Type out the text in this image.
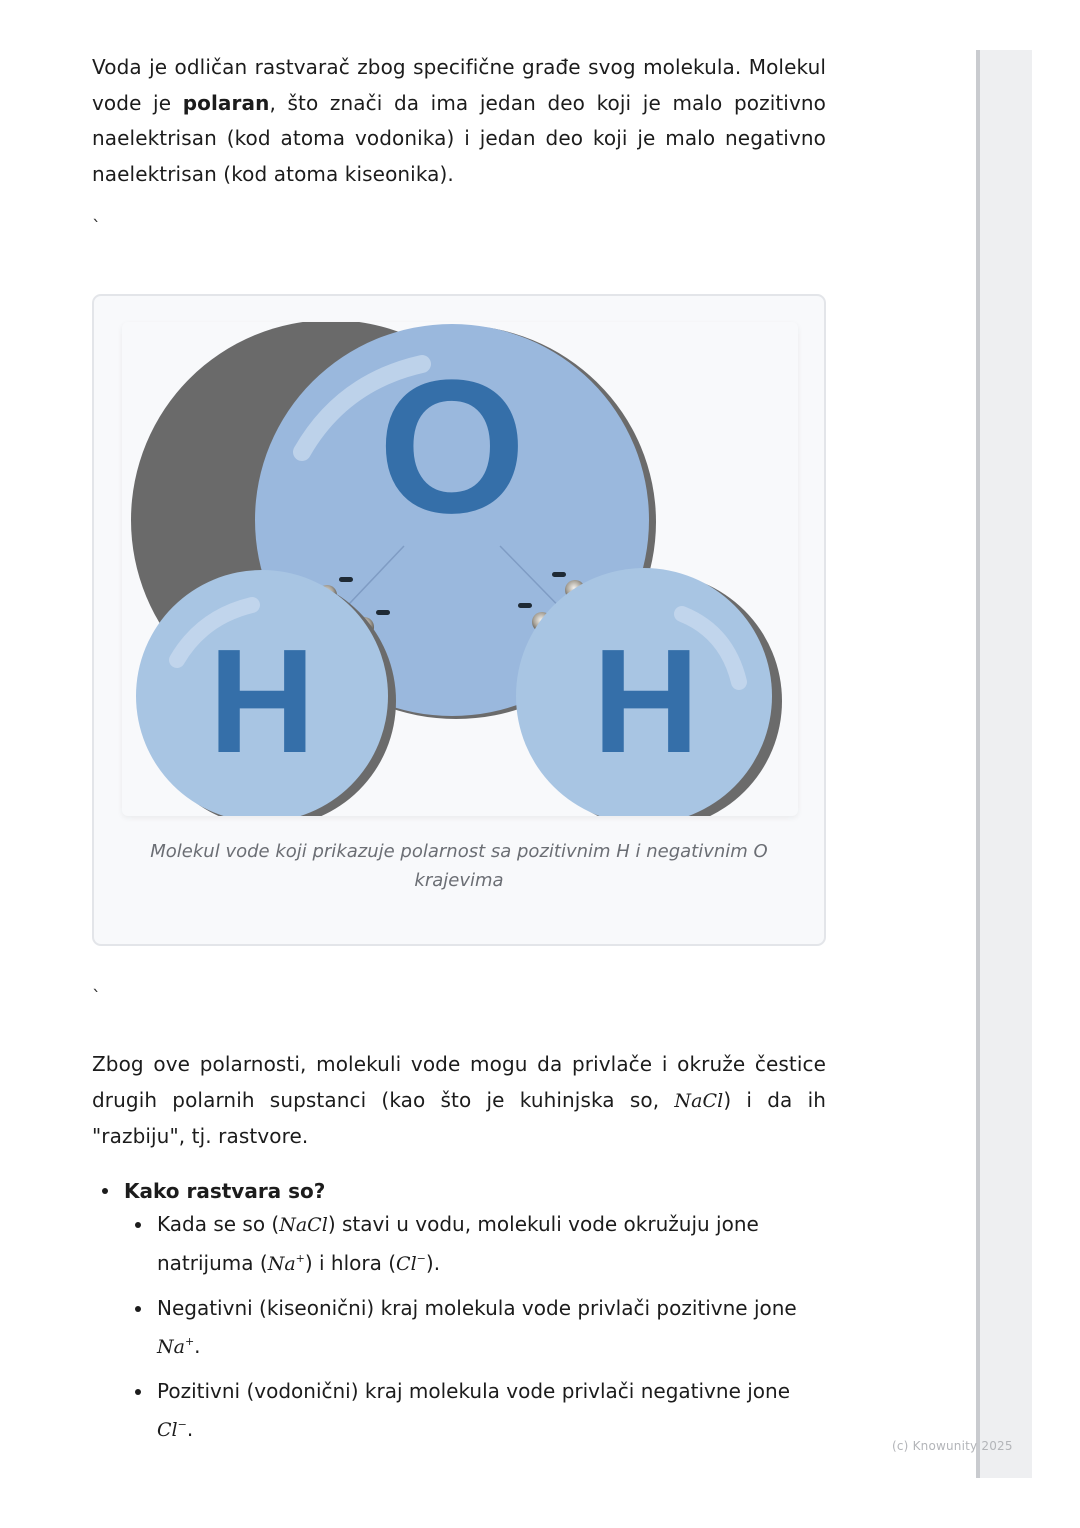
Voda je odličan rastvarač zbog specifične građe svog molekula. Molekul vode je polaran, što znači da ima jedan deo koji je malo pozitivno naelektrisan (kod atoma vodonika) i jedan deo koji je malo negativno naelektrisan (kod atoma kiseonika).

`
O
H H
Molekul vode koji prikazuje polarnost sa pozitivnim H i negativnim O krajevima
`

Zbog ove polarnosti, molekuli vode mogu da privlače i okruže čestice drugih polarnih supstanci (kao što je kuhinjska so, NaCl) i da ih "razbiju", tj. rastvore.

Kako rastvara so?
Kada se so (NaCl) stavi u vodu, molekuli vode okružuju jone natrijuma (Na+) i hlora (Cl−).
Negativni (kiseonični) kraj molekula vode privlači pozitivne jone Na+.
Pozitivni (vodonični) kraj molekula vode privlači negativne jone Cl−.
(c) Knowunity 2025
